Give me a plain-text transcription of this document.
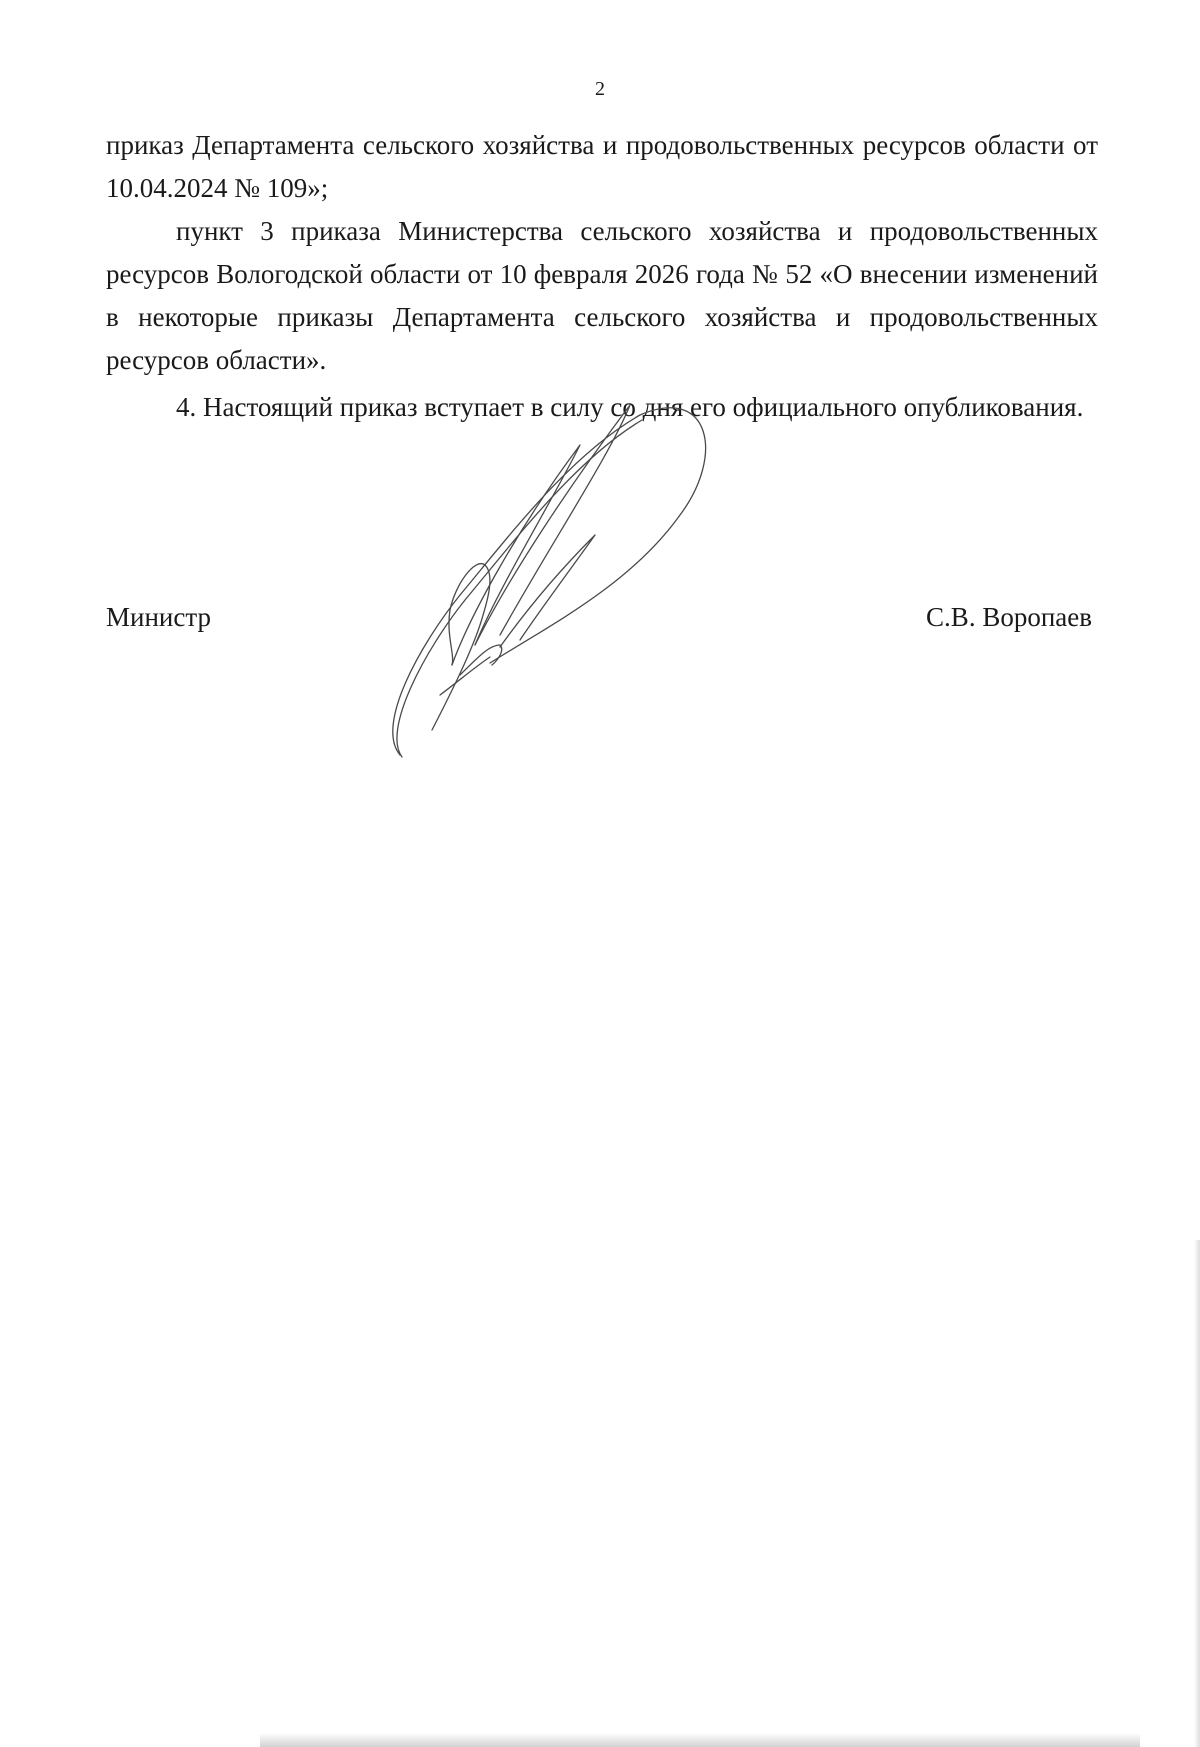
2

приказ Департамента сельского хозяйства и продовольственных ресурсов области от 10.04.2024 № 109»;

пункт 3 приказа Министерства сельского хозяйства и продовольственных ресурсов Вологодской области от 10 февраля 2026 года № 52 «О внесении изменений в некоторые приказы Департамента сельского хозяйства и продовольственных ресурсов области».

4. Настоящий приказ вступает в силу со дня его официального опубликования.

Министр	С.В. Воропаев
